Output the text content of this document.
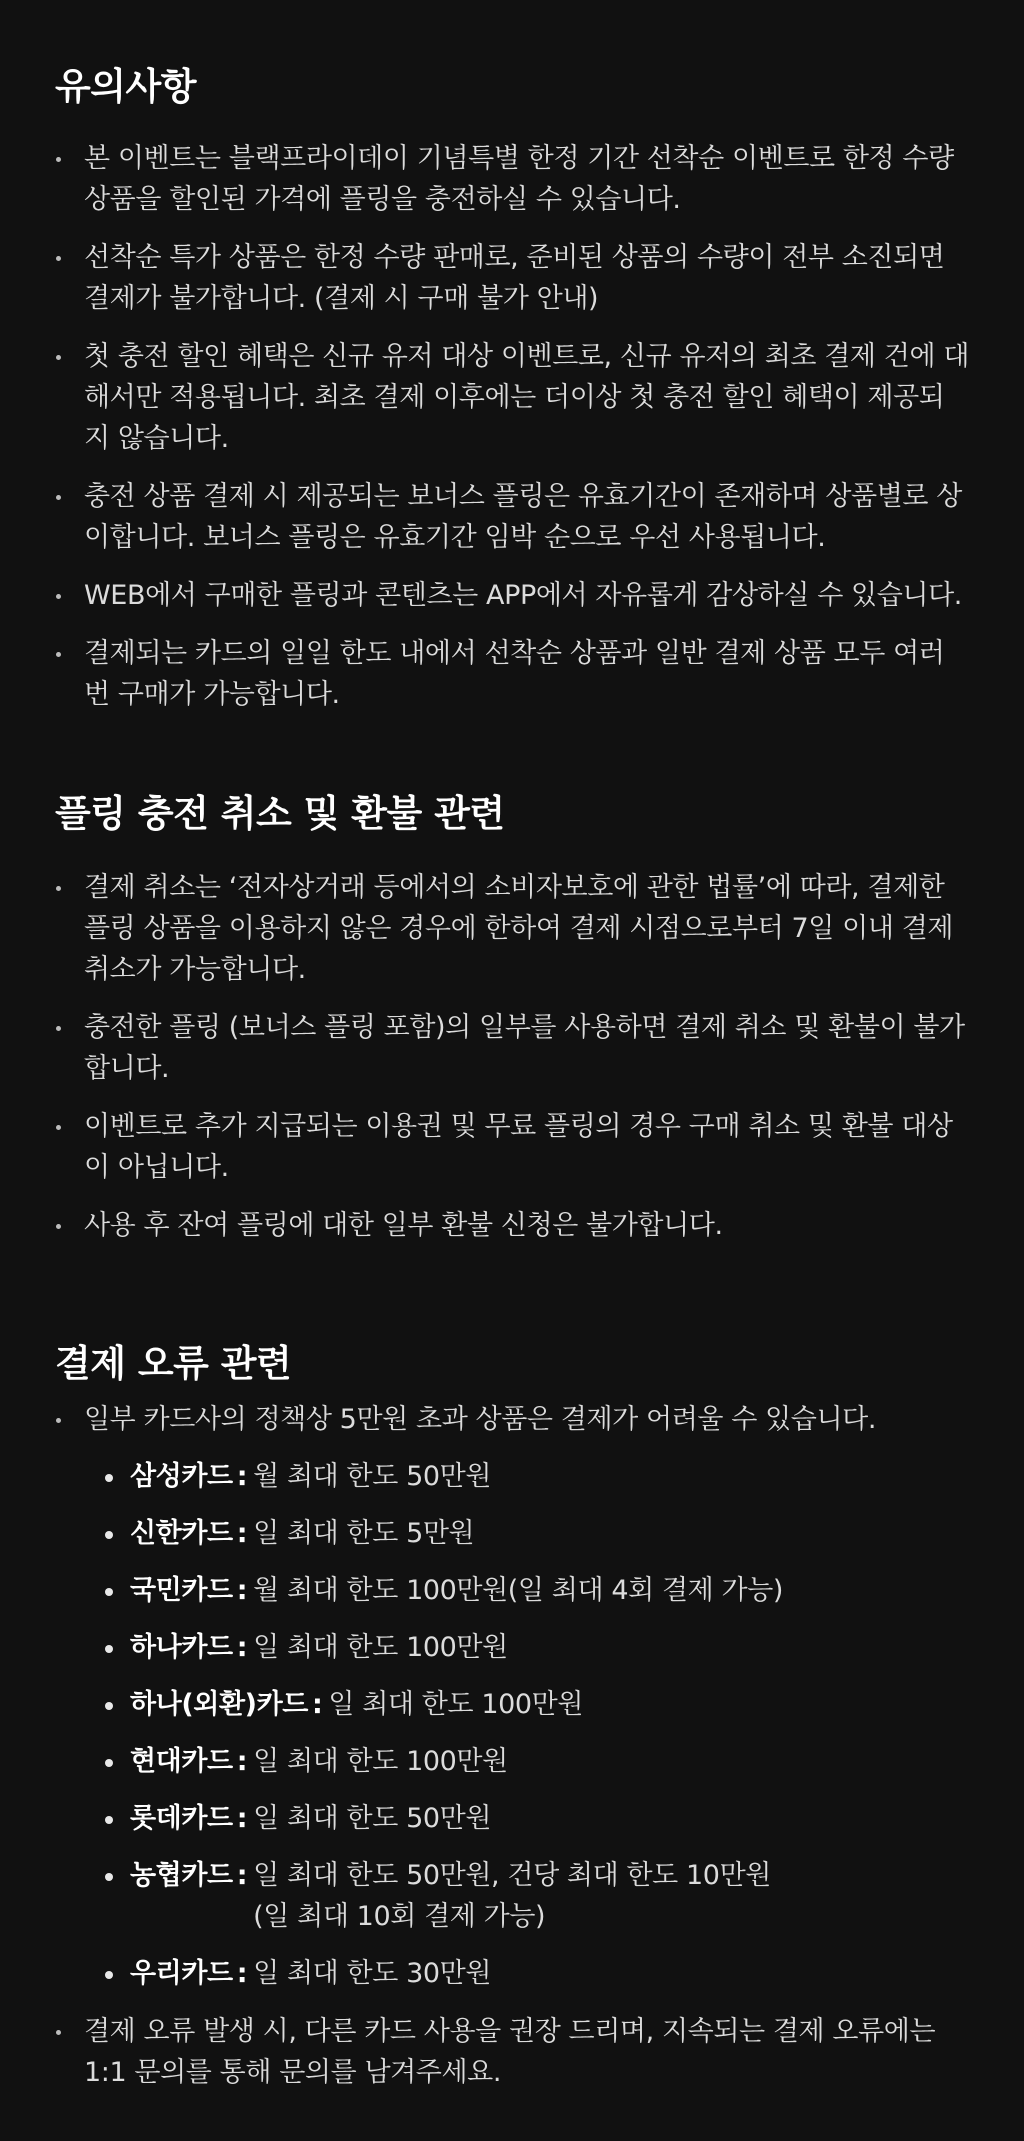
유의사항
본 이벤트는 블랙프라이데이 기념특별 한정 기간 선착순 이벤트로 한정 수량 상품을 할인된 가격에 플링을 충전하실 수 있습니다.
선착순 특가 상품은 한정 수량 판매로, 준비된 상품의 수량이 전부 소진되면 결제가 불가합니다. (결제 시 구매 불가 안내)
첫 충전 할인 혜택은 신규 유저 대상 이벤트로, 신규 유저의 최초 결제 건에 대해서만 적용됩니다. 최초 결제 이후에는 더이상 첫 충전 할인 혜택이 제공되지 않습니다.
충전 상품 결제 시 제공되는 보너스 플링은 유효기간이 존재하며 상품별로 상이합니다. 보너스 플링은 유효기간 임박 순으로 우선 사용됩니다.
WEB에서 구매한 플링과 콘텐츠는 APP에서 자유롭게 감상하실 수 있습니다.
결제되는 카드의 일일 한도 내에서 선착순 상품과 일반 결제 상품 모두 여러번 구매가 가능합니다.
플링 충전 취소 및 환불 관련
결제 취소는 ‘전자상거래 등에서의 소비자보호에 관한 법률’에 따라, 결제한 플링 상품을 이용하지 않은 경우에 한하여 결제 시점으로부터 7일 이내 결제 취소가 가능합니다.
충전한 플링 (보너스 플링 포함)의 일부를 사용하면 결제 취소 및 환불이 불가합니다.
이벤트로 추가 지급되는 이용권 및 무료 플링의 경우 구매 취소 및 환불 대상이 아닙니다.
사용 후 잔여 플링에 대한 일부 환불 신청은 불가합니다.
결제 오류 관련
일부 카드사의 정책상 5만원 초과 상품은 결제가 어려울 수 있습니다.
삼성카드 : 월 최대 한도 50만원
신한카드 : 일 최대 한도 5만원
국민카드 : 월 최대 한도 100만원(일 최대 4회 결제 가능)
하나카드 : 일 최대 한도 100만원
하나(외환)카드 : 일 최대 한도 100만원
현대카드 : 일 최대 한도 100만원
롯데카드 : 일 최대 한도 50만원
농협카드 : 일 최대 한도 50만원, 건당 최대 한도 10만원
(일 최대 10회 결제 가능)
우리카드 : 일 최대 한도 30만원
결제 오류 발생 시, 다른 카드 사용을 권장 드리며, 지속되는 결제 오류에는 1:1 문의를 통해 문의를 남겨주세요.
